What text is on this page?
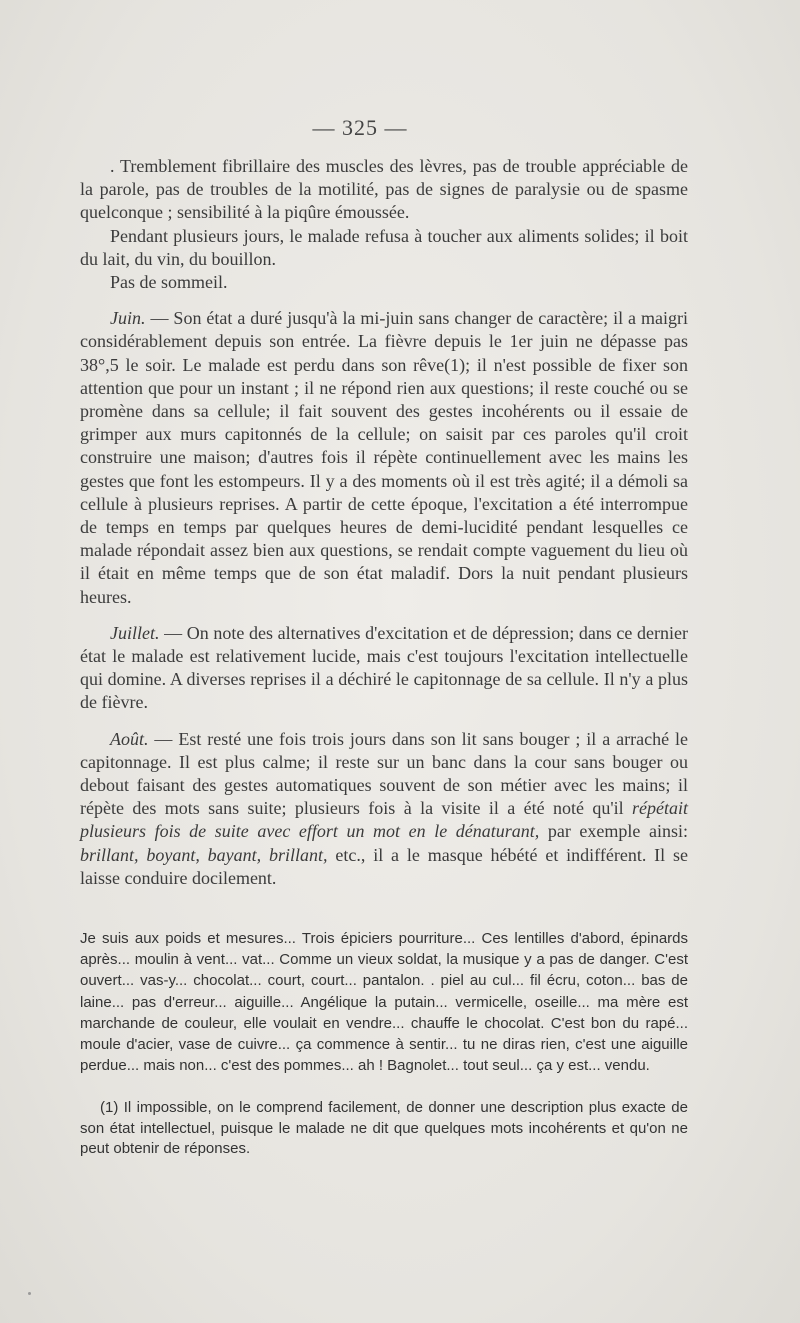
— 325 —

. Tremblement fibrillaire des muscles des lèvres, pas de trouble appréciable de la parole, pas de troubles de la motilité, pas de signes de paralysie ou de spasme quelconque ; sensibilité à la piqûre émoussée.

Pendant plusieurs jours, le malade refusa à toucher aux aliments solides; il boit du lait, du vin, du bouillon.

Pas de sommeil.

Juin. — Son état a duré jusqu'à la mi-juin sans changer de caractère; il a maigri considérablement depuis son entrée. La fièvre depuis le 1er juin ne dépasse pas 38°,5 le soir. Le malade est perdu dans son rêve(1); il n'est possible de fixer son attention que pour un instant ; il ne répond rien aux questions; il reste couché ou se promène dans sa cellule; il fait souvent des gestes incohérents ou il essaie de grimper aux murs capitonnés de la cellule; on saisit par ces paroles qu'il croit construire une maison; d'autres fois il répète continuellement avec les mains les gestes que font les estompeurs. Il y a des moments où il est très agité; il a démoli sa cellule à plusieurs reprises. A partir de cette époque, l'excitation a été interrompue de temps en temps par quelques heures de demi-lucidité pendant lesquelles ce malade répondait assez bien aux questions, se rendait compte vaguement du lieu où il était en même temps que de son état maladif. Dors la nuit pendant plusieurs heures.

Juillet. — On note des alternatives d'excitation et de dépression; dans ce dernier état le malade est relativement lucide, mais c'est toujours l'excitation intellectuelle qui domine. A diverses reprises il a déchiré le capitonnage de sa cellule. Il n'y a plus de fièvre.

Août. — Est resté une fois trois jours dans son lit sans bouger ; il a arraché le capitonnage. Il est plus calme; il reste sur un banc dans la cour sans bouger ou debout faisant des gestes automatiques souvent de son métier avec les mains; il répète des mots sans suite; plusieurs fois à la visite il a été noté qu'il répétait plusieurs fois de suite avec effort un mot en le dénaturant, par exemple ainsi: brillant, boyant, bayant, brillant, etc., il a le masque hébété et indifférent. Il se laisse conduire docilement.

Je suis aux poids et mesures... Trois épiciers pourriture... Ces lentilles d'abord, épinards après... moulin à vent... vat... Comme un vieux soldat, la musique y a pas de danger. C'est ouvert... vas-y... chocolat... court, court... pantalon. . piel au cul... fil écru, coton... bas de laine... pas d'erreur... aiguille... Angélique la putain... vermicelle, oseille... ma mère est marchande de couleur, elle voulait en vendre... chauffe le chocolat. C'est bon du rapé... moule d'acier, vase de cuivre... ça commence à sentir... tu ne diras rien, c'est une aiguille perdue... mais non... c'est des pommes... ah ! Bagnolet... tout seul... ça y est... vendu.

(1) Il impossible, on le comprend facilement, de donner une description plus exacte de son état intellectuel, puisque le malade ne dit que quelques mots incohérents et qu'on ne peut obtenir de réponses.
